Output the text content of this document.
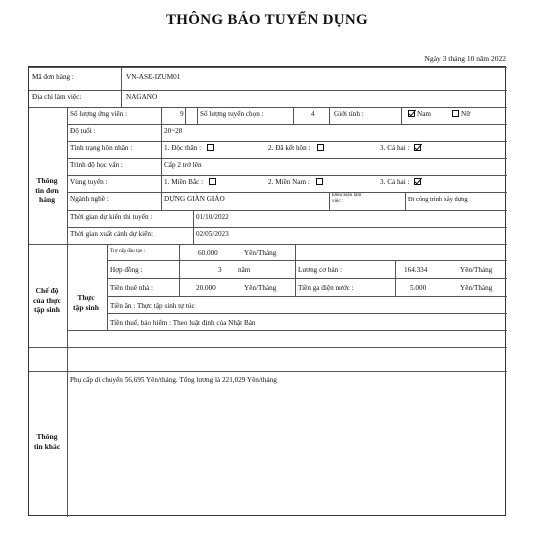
THÔNG BÁO TUYỂN DỤNG
Ngày 3 tháng 10 năm 2022
Mã đơn hàng :	VN-ASE-IZUM01
Địa chỉ làm việc:	NAGANO
Thông
tin đơn
hàng
Số lượng ứng viên :	9 Số lượng tuyển chọn :	4	Giới tính :	Nam	Nữ
Độ tuổi :	20~28
Tình trạng hôn nhân :	1. Độc thân :	2. Đã kết hôn :	3. Cả hai :
Trình độ học vấn :	Cấp 2 trở lên
Vùng tuyển :	1. Miền Bắc :	2. Miền Nam :	3. Cả hai :
Ngành nghề :	DỰNG GIÀN GIÁO	Điều kiện làm
việc :	Đi công trình xây dựng
Thời gian dự kiến thi tuyển :	01/10/2022
Thời gian xuất cảnh dự kiến:	02/05/2023
Chế độ
của thực
tập sinh
Thực
tập sinh
Trợ cấp đào tạo :	60.000	Yên/Tháng
Hợp đồng :	3 năm	Lương cơ bản :	164.334	Yên/Tháng
Tiền thuê nhà :	20.000	Yên/Tháng	Tiền ga điện nước :	5.000	Yên/Tháng
Tiền ăn : Thực tập sinh tự túc
Tiền thuế, bảo hiểm : Theo luật định của Nhật Bản
Thông
tin khác
Phụ cấp di chuyển 56,695 Yên/tháng. Tổng lương là 221,029 Yên/tháng
